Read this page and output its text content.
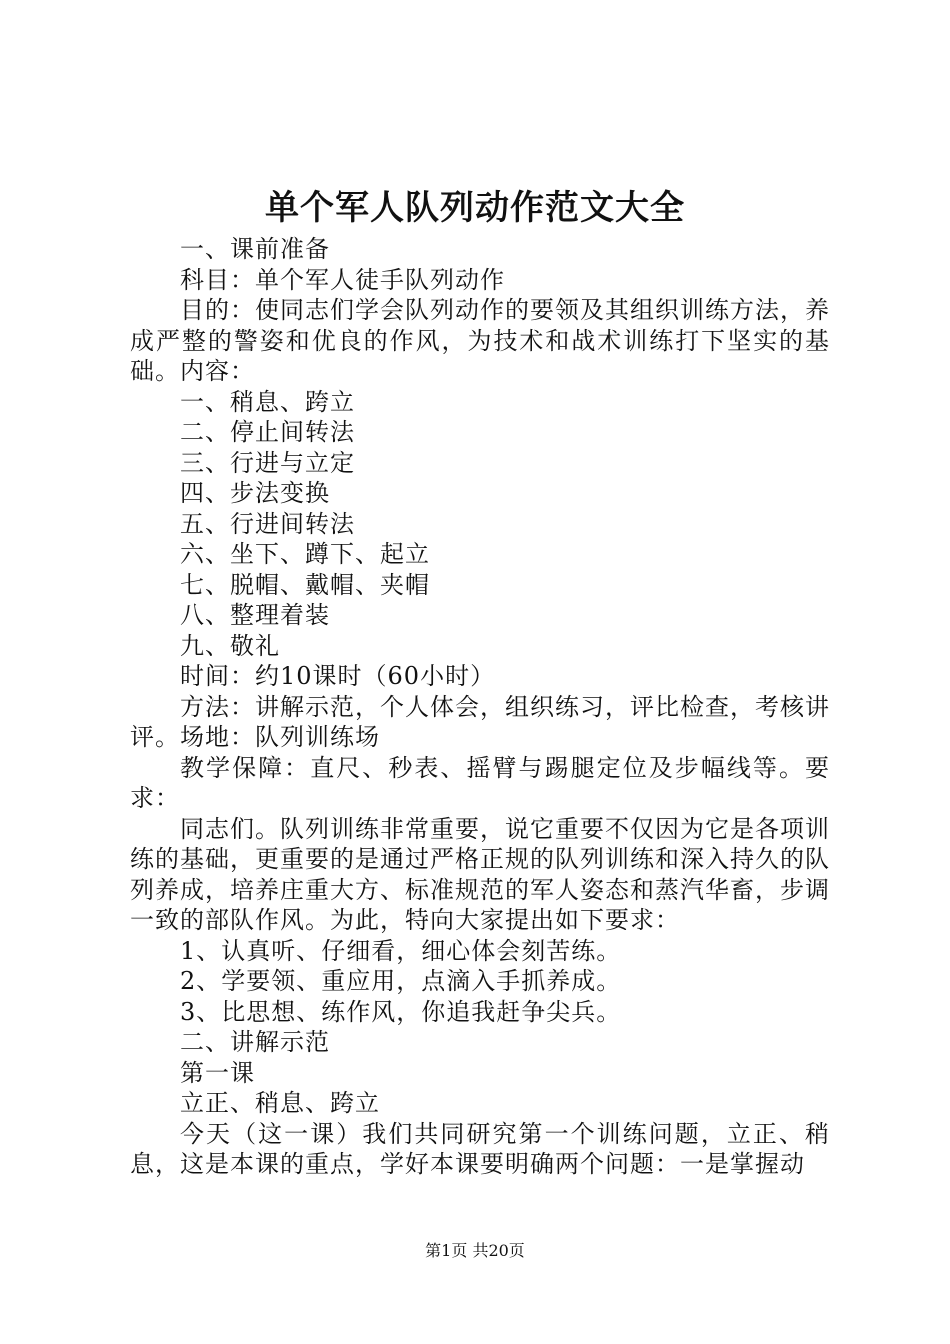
单个军人队列动作范文大全

一、课前准备

科目：单个军人徒手队列动作

目的：使同志们学会队列动作的要领及其组织训练方法，养成严整的警姿和优良的作风，为技术和战术训练打下坚实的基础。内容：

一、稍息、跨立

二、停止间转法

三、行进与立定

四、步法变换

五、行进间转法

六、坐下、蹲下、起立

七、脱帽、戴帽、夹帽

八、整理着装

九、敬礼

时间：约10课时（60小时）

方法：讲解示范，个人体会，组织练习，评比检查，考核讲评。场地：队列训练场

教学保障：直尺、秒表、摇臂与踢腿定位及步幅线等。要求：

同志们。队列训练非常重要，说它重要不仅因为它是各项训练的基础，更重要的是通过严格正规的队列训练和深入持久的队列养成，培养庄重大方、标准规范的军人姿态和蒸汽华畜，步调一致的部队作风。为此，特向大家提出如下要求：

1、认真听、仔细看，细心体会刻苦练。

2、学要领、重应用，点滴入手抓养成。

3、比思想、练作风，你追我赶争尖兵。

二、讲解示范

第一课

立正、稍息、跨立

今天（这一课）我们共同研究第一个训练问题，立正、稍息，这是本课的重点，学好本课要明确两个问题：一是掌握动

第1页 共20页
